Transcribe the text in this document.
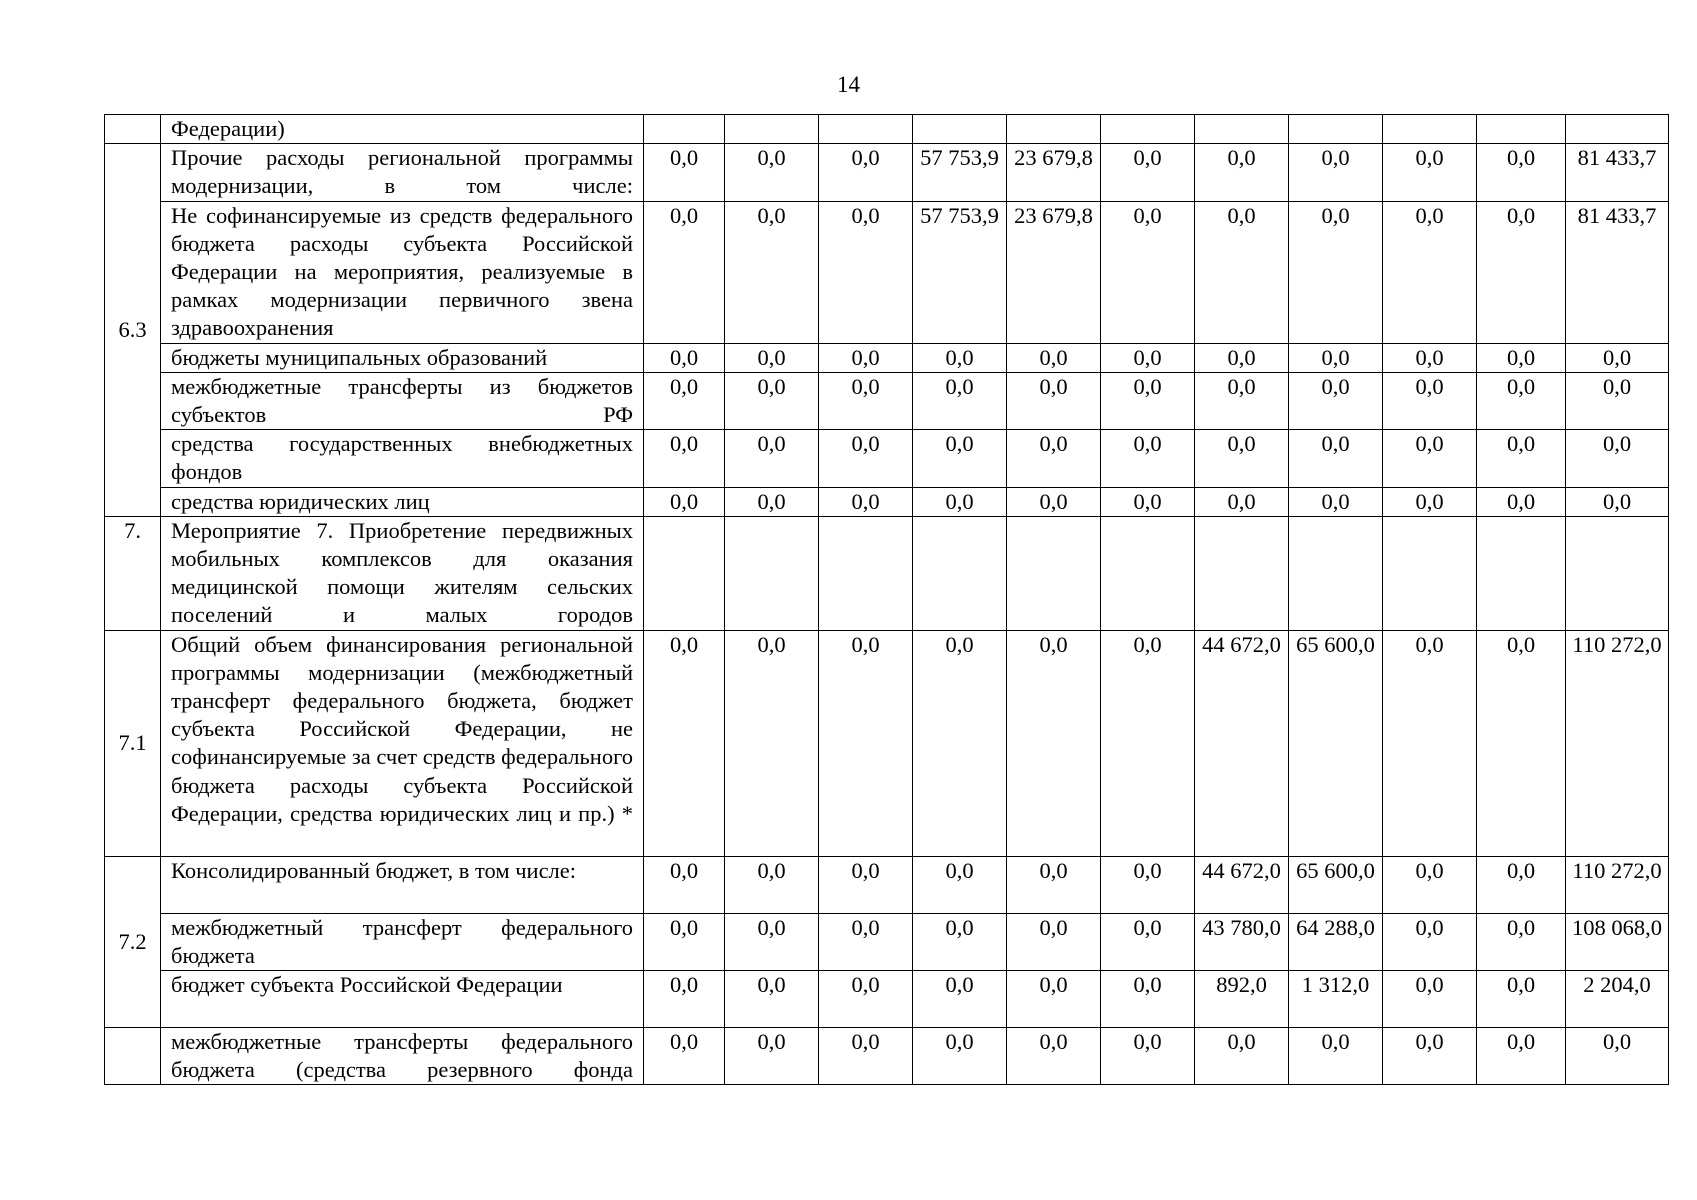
14
	Федерации)											
6.3	Прочие расходы региональной программы модернизации, в том числе:	0,0	0,0	0,0	57 753,9	23 679,8	0,0	0,0	0,0	0,0	0,0	81 433,7
	Не софинансируемые из средств федерального бюджета расходы субъекта Российской Федерации на мероприятия, реализуемые в рамках модернизации первичного звена здравоохранения	0,0	0,0	0,0	57 753,9	23 679,8	0,0	0,0	0,0	0,0	0,0	81 433,7
	бюджеты муниципальных образований	0,0	0,0	0,0	0,0	0,0	0,0	0,0	0,0	0,0	0,0	0,0
	межбюджетные трансферты из бюджетов субъектов РФ	0,0	0,0	0,0	0,0	0,0	0,0	0,0	0,0	0,0	0,0	0,0
	средства государственных внебюджетных фондов	0,0	0,0	0,0	0,0	0,0	0,0	0,0	0,0	0,0	0,0	0,0
	средства юридических лиц	0,0	0,0	0,0	0,0	0,0	0,0	0,0	0,0	0,0	0,0	0,0
7.	Мероприятие 7. Приобретение передвижных мобильных комплексов для оказания медицинской помощи жителям сельских поселений и малых городов											
7.1	Общий объем финансирования региональной программы модернизации (межбюджетный трансферт федерального бюджета, бюджет субъекта Российской Федерации, не софинансируемые за счет средств федерального бюджета расходы субъекта Российской Федерации, средства юридических лиц и пр.) *	0,0	0,0	0,0	0,0	0,0	0,0	44 672,0	65 600,0	0,0	0,0	110 272,0
7.2	Консолидированный бюджет, в том числе:	0,0	0,0	0,0	0,0	0,0	0,0	44 672,0	65 600,0	0,0	0,0	110 272,0
	межбюджетный трансферт федерального бюджета	0,0	0,0	0,0	0,0	0,0	0,0	43 780,0	64 288,0	0,0	0,0	108 068,0
	бюджет субъекта Российской Федерации	0,0	0,0	0,0	0,0	0,0	0,0	892,0	1 312,0	0,0	0,0	2 204,0
	межбюджетные трансферты федерального бюджета (средства резервного фонда	0,0	0,0	0,0	0,0	0,0	0,0	0,0	0,0	0,0	0,0	0,0
